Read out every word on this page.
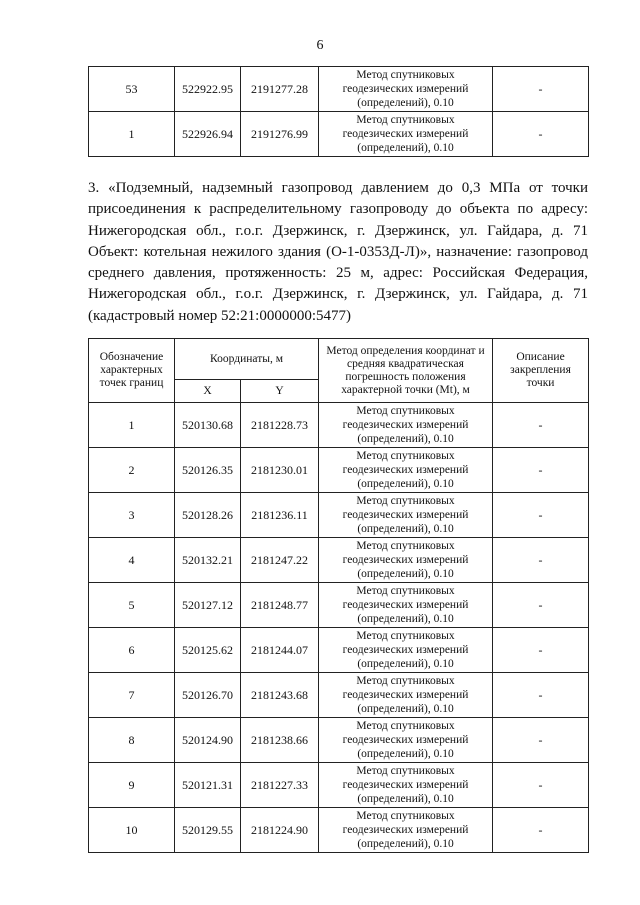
6
53	522922.95	2191277.28	Метод спутниковых геодезических измерений (определений), 0.10	-
1	522926.94	2191276.99	Метод спутниковых геодезических измерений (определений), 0.10	-

3. «Подземный, надземный газопровод давлением до 0,3 МПа от точки присоединения к распределительному газопроводу до объекта по адресу: Нижегородская обл., г.о.г. Дзержинск, г. Дзержинск, ул. Гайдара, д. 71 Объект: котельная нежилого здания (О-1-0353Д-Л)», назначение: газопровод среднего давления, протяженность: 25 м, адрес: Российская Федерация, Нижегородская обл., г.о.г. Дзержинск, г. Дзержинск, ул. Гайдара, д. 71 (кадастровый номер 52:21:0000000:5477)

Обозначение характерных точек границ	Координаты, м		Метод определения координат и средняя квадратическая погрешность положения характерной точки (Mt), м	Описание закрепления точки
	X	Y		
1	520130.68	2181228.73	Метод спутниковых геодезических измерений (определений), 0.10	-
2	520126.35	2181230.01	Метод спутниковых геодезических измерений (определений), 0.10	-
3	520128.26	2181236.11	Метод спутниковых геодезических измерений (определений), 0.10	-
4	520132.21	2181247.22	Метод спутниковых геодезических измерений (определений), 0.10	-
5	520127.12	2181248.77	Метод спутниковых геодезических измерений (определений), 0.10	-
6	520125.62	2181244.07	Метод спутниковых геодезических измерений (определений), 0.10	-
7	520126.70	2181243.68	Метод спутниковых геодезических измерений (определений), 0.10	-
8	520124.90	2181238.66	Метод спутниковых геодезических измерений (определений), 0.10	-
9	520121.31	2181227.33	Метод спутниковых геодезических измерений (определений), 0.10	-
10	520129.55	2181224.90	Метод спутниковых геодезических измерений (определений), 0.10	-
